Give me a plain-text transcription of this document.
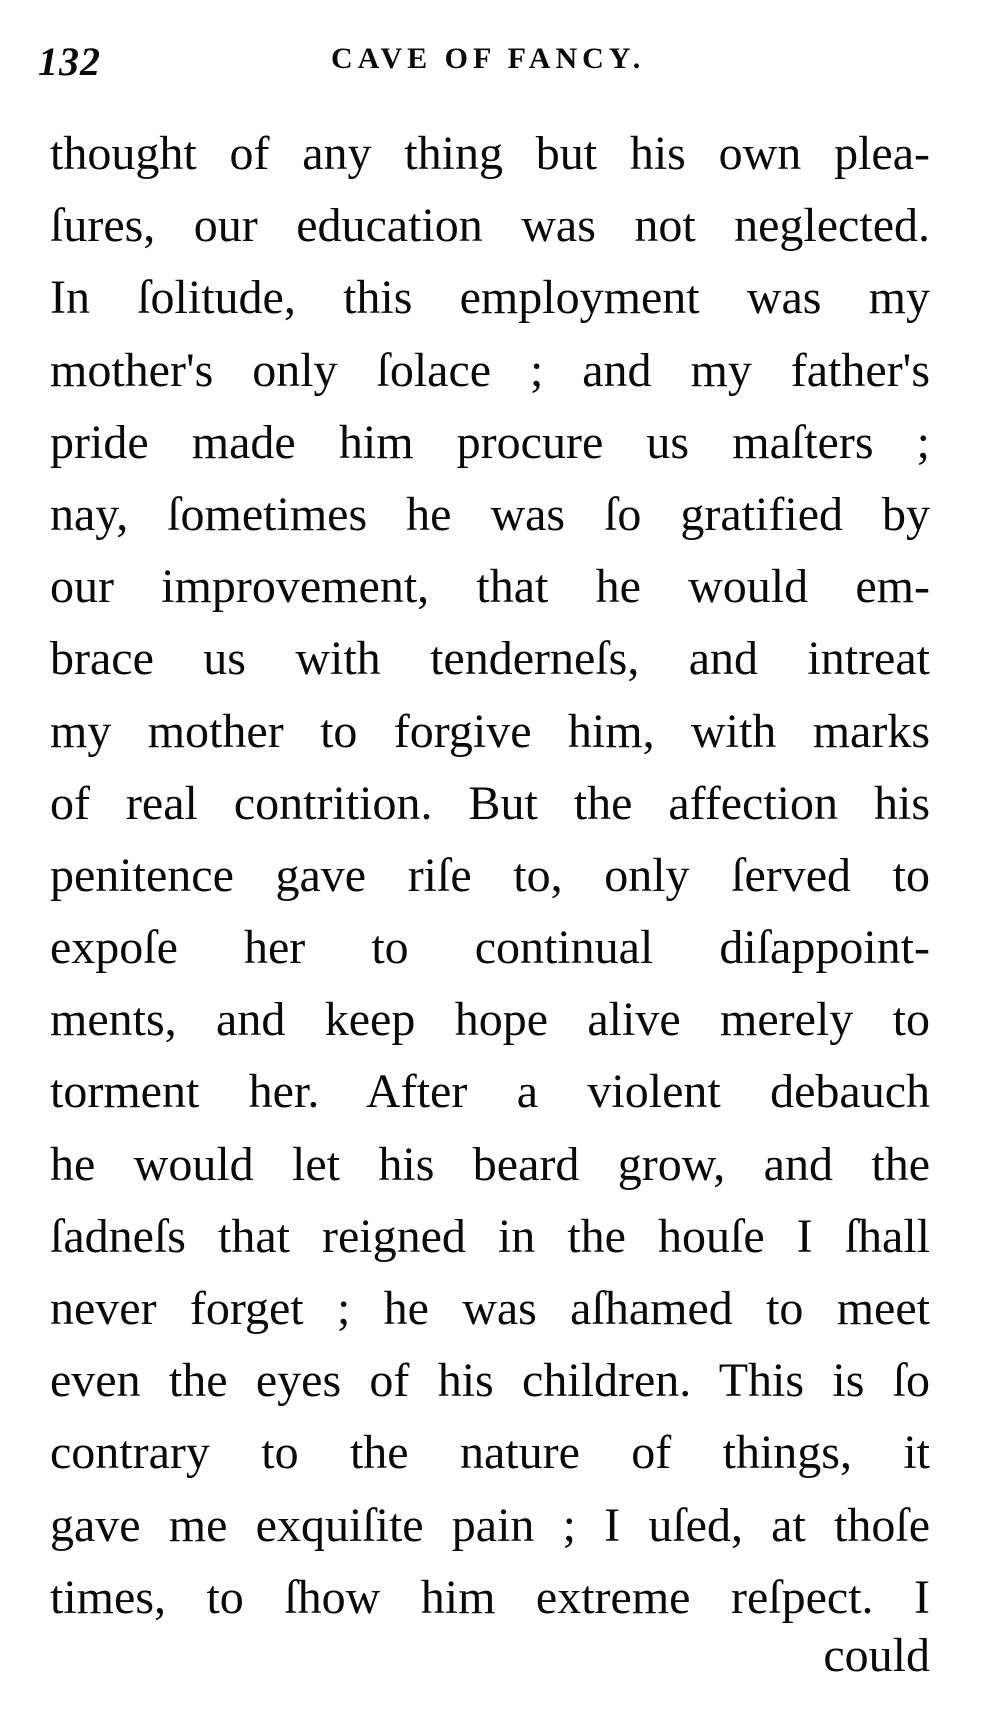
132	CAVE OF FANCY.
thought of any thing but his own plea-
ſures, our education was not neglected.
In ſolitude, this employment was my
mother's only ſolace ; and my father's
pride made him procure us maſters ;
nay, ſometimes he was ſo gratified by
our improvement, that he would em-
brace us with tenderneſs, and intreat
my mother to forgive him, with marks
of real contrition. But the affection his
penitence gave riſe to, only ſerved to
expoſe her to continual diſappoint-
ments, and keep hope alive merely to
torment her. After a violent debauch
he would let his beard grow, and the
ſadneſs that reigned in the houſe I ſhall
never forget ; he was aſhamed to meet
even the eyes of his children. This is ſo
contrary to the nature of things, it
gave me exquiſite pain ; I uſed, at thoſe
times, to ſhow him extreme reſpect. I
could
